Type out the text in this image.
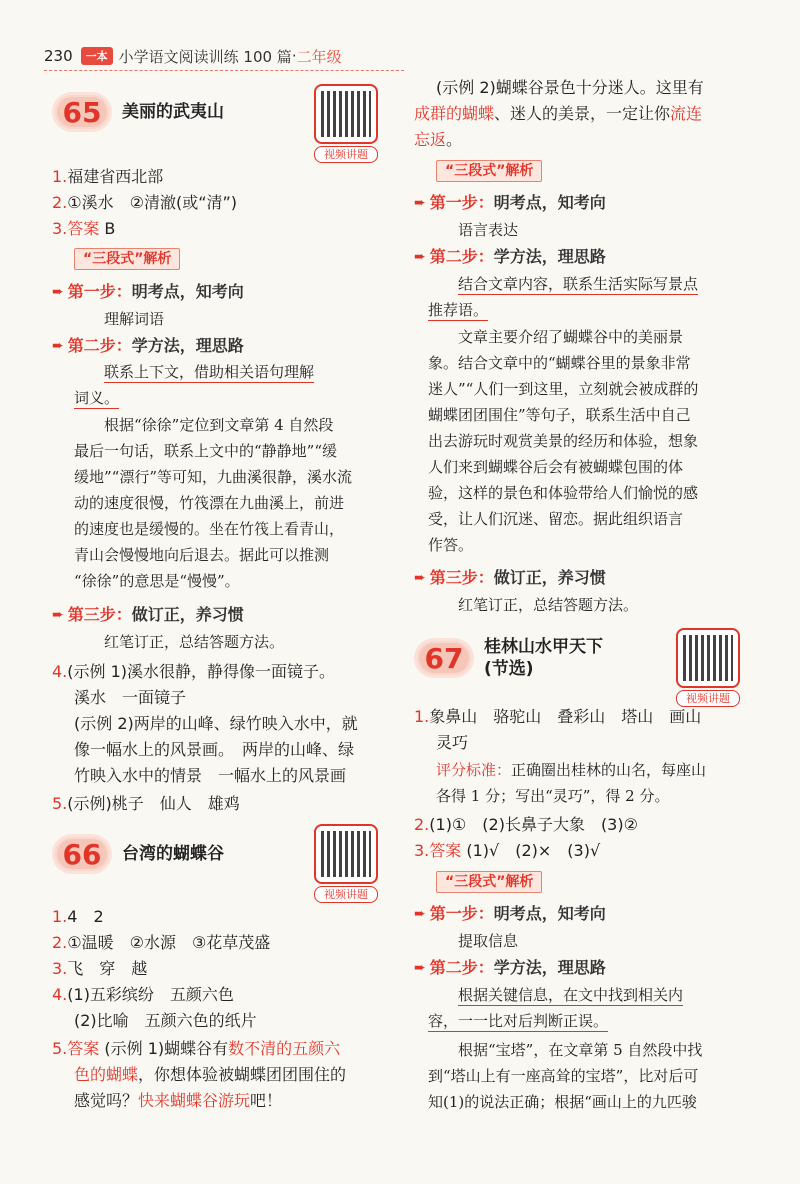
230	一本 小学语文阅读训练 100 篇 · 二年级
65	美丽的武夷山
视频讲题
1.福建省西北部
2.①溪水　②清澈(或“清”)
3.答案 B
“三段式”解析
➨ 第一步： 明考点，知考向
理解词语
➨ 第二步： 学方法，理思路
联系上下文，借助相关语句理解
词义。
　　根据“徐徐”定位到文章第 4 自然段
最后一句话，联系上文中的“静静地”“缓
缓地”“漂行”等可知，九曲溪很静，溪水流
动的速度很慢，竹筏漂在九曲溪上，前进
的速度也是缓慢的。坐在竹筏上看青山，
青山会慢慢地向后退去。据此可以推测
“徐徐”的意思是“慢慢”。
➨ 第三步： 做订正，养习惯
红笔订正，总结答题方法。
4.(示例 1)溪水很静，静得像一面镜子。
溪水　一面镜子
(示例 2)两岸的山峰、绿竹映入水中，就
像一幅水上的风景画。　两岸的山峰、绿
竹映入水中的情景　一幅水上的风景画
5.(示例)桃子　仙人　雄鸡
66	台湾的蝴蝶谷
视频讲题
1.4　2
2.①温暖　②水源　③花草茂盛
3.飞　穿　越
4.(1)五彩缤纷　五颜六色
(2)比喻　五颜六色的纸片
5.答案 (示例 1)蝴蝶谷有数不清的五颜六
色的蝴蝶，你想体验被蝴蝶团团围住的
感觉吗？快来蝴蝶谷游玩吧！
(示例 2)蝴蝶谷景色十分迷人。这里有
成群的蝴蝶、迷人的美景，一定让你流连
忘返。
“三段式”解析
➨ 第一步： 明考点，知考向
语言表达
➨ 第二步： 学方法，理思路
结合文章内容，联系生活实际写景点
推荐语。
　　文章主要介绍了蝴蝶谷中的美丽景
象。结合文章中的“蝴蝶谷里的景象非常
迷人”“人们一到这里，立刻就会被成群的
蝴蝶团团围住”等句子，联系生活中自己
出去游玩时观赏美景的经历和体验，想象
人们来到蝴蝶谷后会有被蝴蝶包围的体
验，这样的景色和体验带给人们愉悦的感
受，让人们沉迷、留恋。据此组织语言
作答。
➨ 第三步： 做订正，养习惯
红笔订正，总结答题方法。
67	桂林山水甲天下
(节选)
视频讲题
1.象鼻山　骆驼山　叠彩山　塔山　画山
灵巧
评分标准：正确圈出桂林的山名，每座山
各得 1 分；写出“灵巧”，得 2 分。
2.(1)①　(2)长鼻子大象　(3)②
3.答案 (1)√　(2)×　(3)√
“三段式”解析
➨ 第一步： 明考点，知考向
提取信息
➨ 第二步： 学方法，理思路
根据关键信息，在文中找到相关内
容，一一比对后判断正误。
　　根据“宝塔”，在文章第 5 自然段中找
到“塔山上有一座高耸的宝塔”，比对后可
知(1)的说法正确；根据“画山上的九匹骏
